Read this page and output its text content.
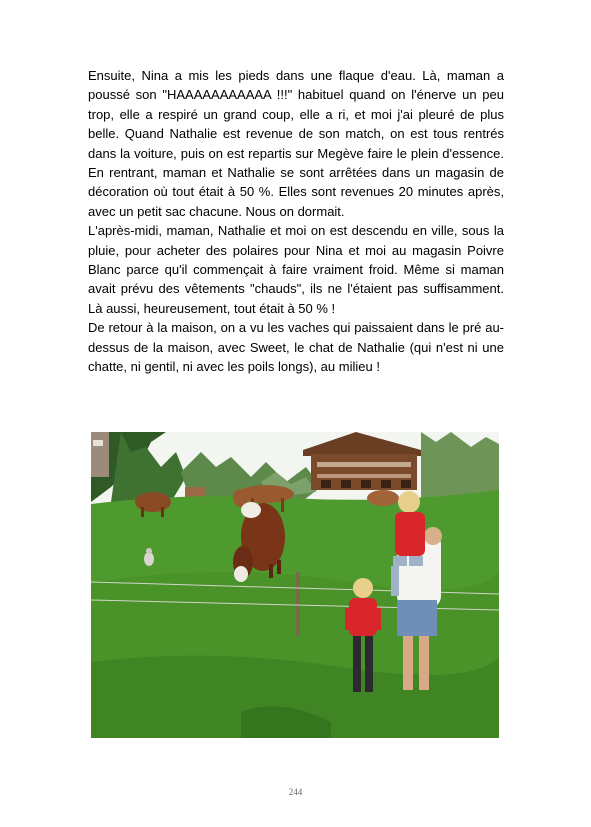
Ensuite, Nina a mis les pieds dans une flaque d'eau. Là, maman a poussé son "HAAAAAAAAAAA !!!" habituel quand on l'énerve un peu trop, elle a respiré un grand coup, elle a ri, et moi j'ai pleuré de plus belle. Quand Nathalie est revenue de son match, on est tous rentrés dans la voiture, puis on est repartis sur Megève faire le plein d'essence. En rentrant, maman et Nathalie se sont arrêtées dans un magasin de décoration où tout était à 50 %. Elles sont revenues 20 minutes après, avec un petit sac chacune. Nous on dormait.

L'après-midi, maman, Nathalie et moi on est descendu en ville, sous la pluie, pour acheter des polaires pour Nina et moi au magasin Poivre Blanc parce qu'il commençait à faire vraiment froid. Même si maman avait prévu des vêtements "chauds", ils ne l'étaient pas suffisamment. Là aussi, heureusement, tout était à 50 % !

De retour à la maison, on a vu les vaches qui paissaient dans le pré au-dessus de la maison, avec Sweet, le chat de Nathalie (qui n'est ni une chatte, ni gentil, ni avec les poils longs), au milieu !

244
